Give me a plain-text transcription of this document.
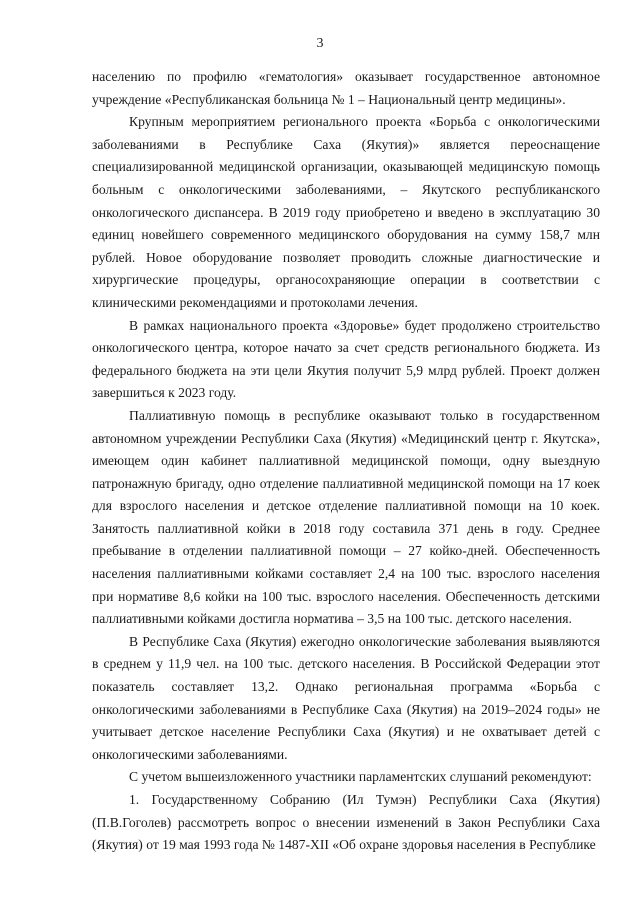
3

населению по профилю «гематология» оказывает государственное автономное учреждение «Республиканская больница № 1 – Национальный центр медицины».

Крупным мероприятием регионального проекта «Борьба с онкологическими заболеваниями в Республике Саха (Якутия)» является переоснащение специализированной медицинской организации, оказывающей медицинскую помощь больным с онкологическими заболеваниями, – Якутского республиканского онкологического диспансера. В 2019 году приобретено и введено в эксплуатацию 30 единиц новейшего современного медицинского оборудования на сумму 158,7 млн рублей. Новое оборудование позволяет проводить сложные диагностические и хирургические процедуры, органосохраняющие операции в соответствии с клиническими рекомендациями и протоколами лечения.

В рамках национального проекта «Здоровье» будет продолжено строительство онкологического центра, которое начато за счет средств регионального бюджета. Из федерального бюджета на эти цели Якутия получит 5,9 млрд рублей. Проект должен завершиться к 2023 году.

Паллиативную помощь в республике оказывают только в государственном автономном учреждении Республики Саха (Якутия) «Медицинский центр г. Якутска», имеющем один кабинет паллиативной медицинской помощи, одну выездную патронажную бригаду, одно отделение паллиативной медицинской помощи на 17 коек для взрослого населения и детское отделение паллиативной помощи на 10 коек. Занятость паллиативной койки в 2018 году составила 371 день в году. Среднее пребывание в отделении паллиативной помощи – 27 койко-дней. Обеспеченность населения паллиативными койками составляет 2,4 на 100 тыс. взрослого населения при нормативе 8,6 койки на 100 тыс. взрослого населения. Обеспеченность детскими паллиативными койками достигла норматива – 3,5 на 100 тыс. детского населения.

В Республике Саха (Якутия) ежегодно онкологические заболевания выявляются в среднем у 11,9 чел. на 100 тыс. детского населения. В Российской Федерации этот показатель составляет 13,2. Однако региональная программа «Борьба с онкологическими заболеваниями в Республике Саха (Якутия) на 2019–2024 годы» не учитывает детское население Республики Саха (Якутия) и не охватывает детей с онкологическими заболеваниями.

С учетом вышеизложенного участники парламентских слушаний рекомендуют:

1. Государственному Собранию (Ил Тумэн) Республики Саха (Якутия) (П.В.Гоголев) рассмотреть вопрос о внесении изменений в Закон Республики Саха (Якутия) от 19 мая 1993 года № 1487-XII «Об охране здоровья населения в Республике
